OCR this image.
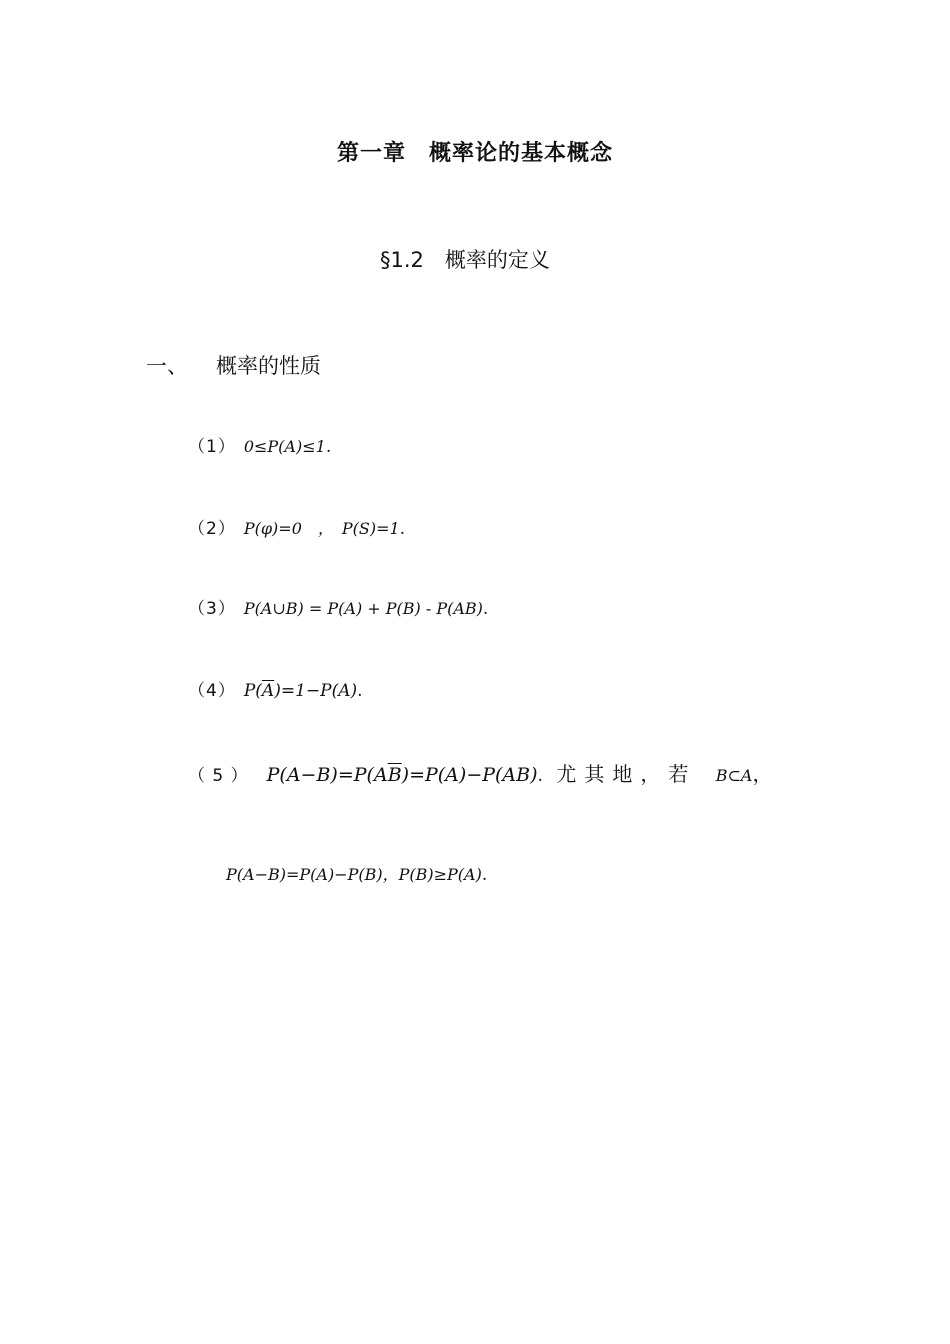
第一章　概率论的基本概念
§1.2　概率的定义
一、 概率的性质
（1） 0≤P(A)≤1.
（2） P(φ)=0　，　P(S)=1.
（3） P(A∪B) = P(A) + P(B) - P(AB).
（4） $P(\overline{A})=1-P(A)$.
（ 5 ） $P(A-B)=P(A\overline{B})=P(A)-P(AB)$. 尤其地，若 B⊂A，
P(A−B)=P(A)−P(B)，P(B)≥P(A).
